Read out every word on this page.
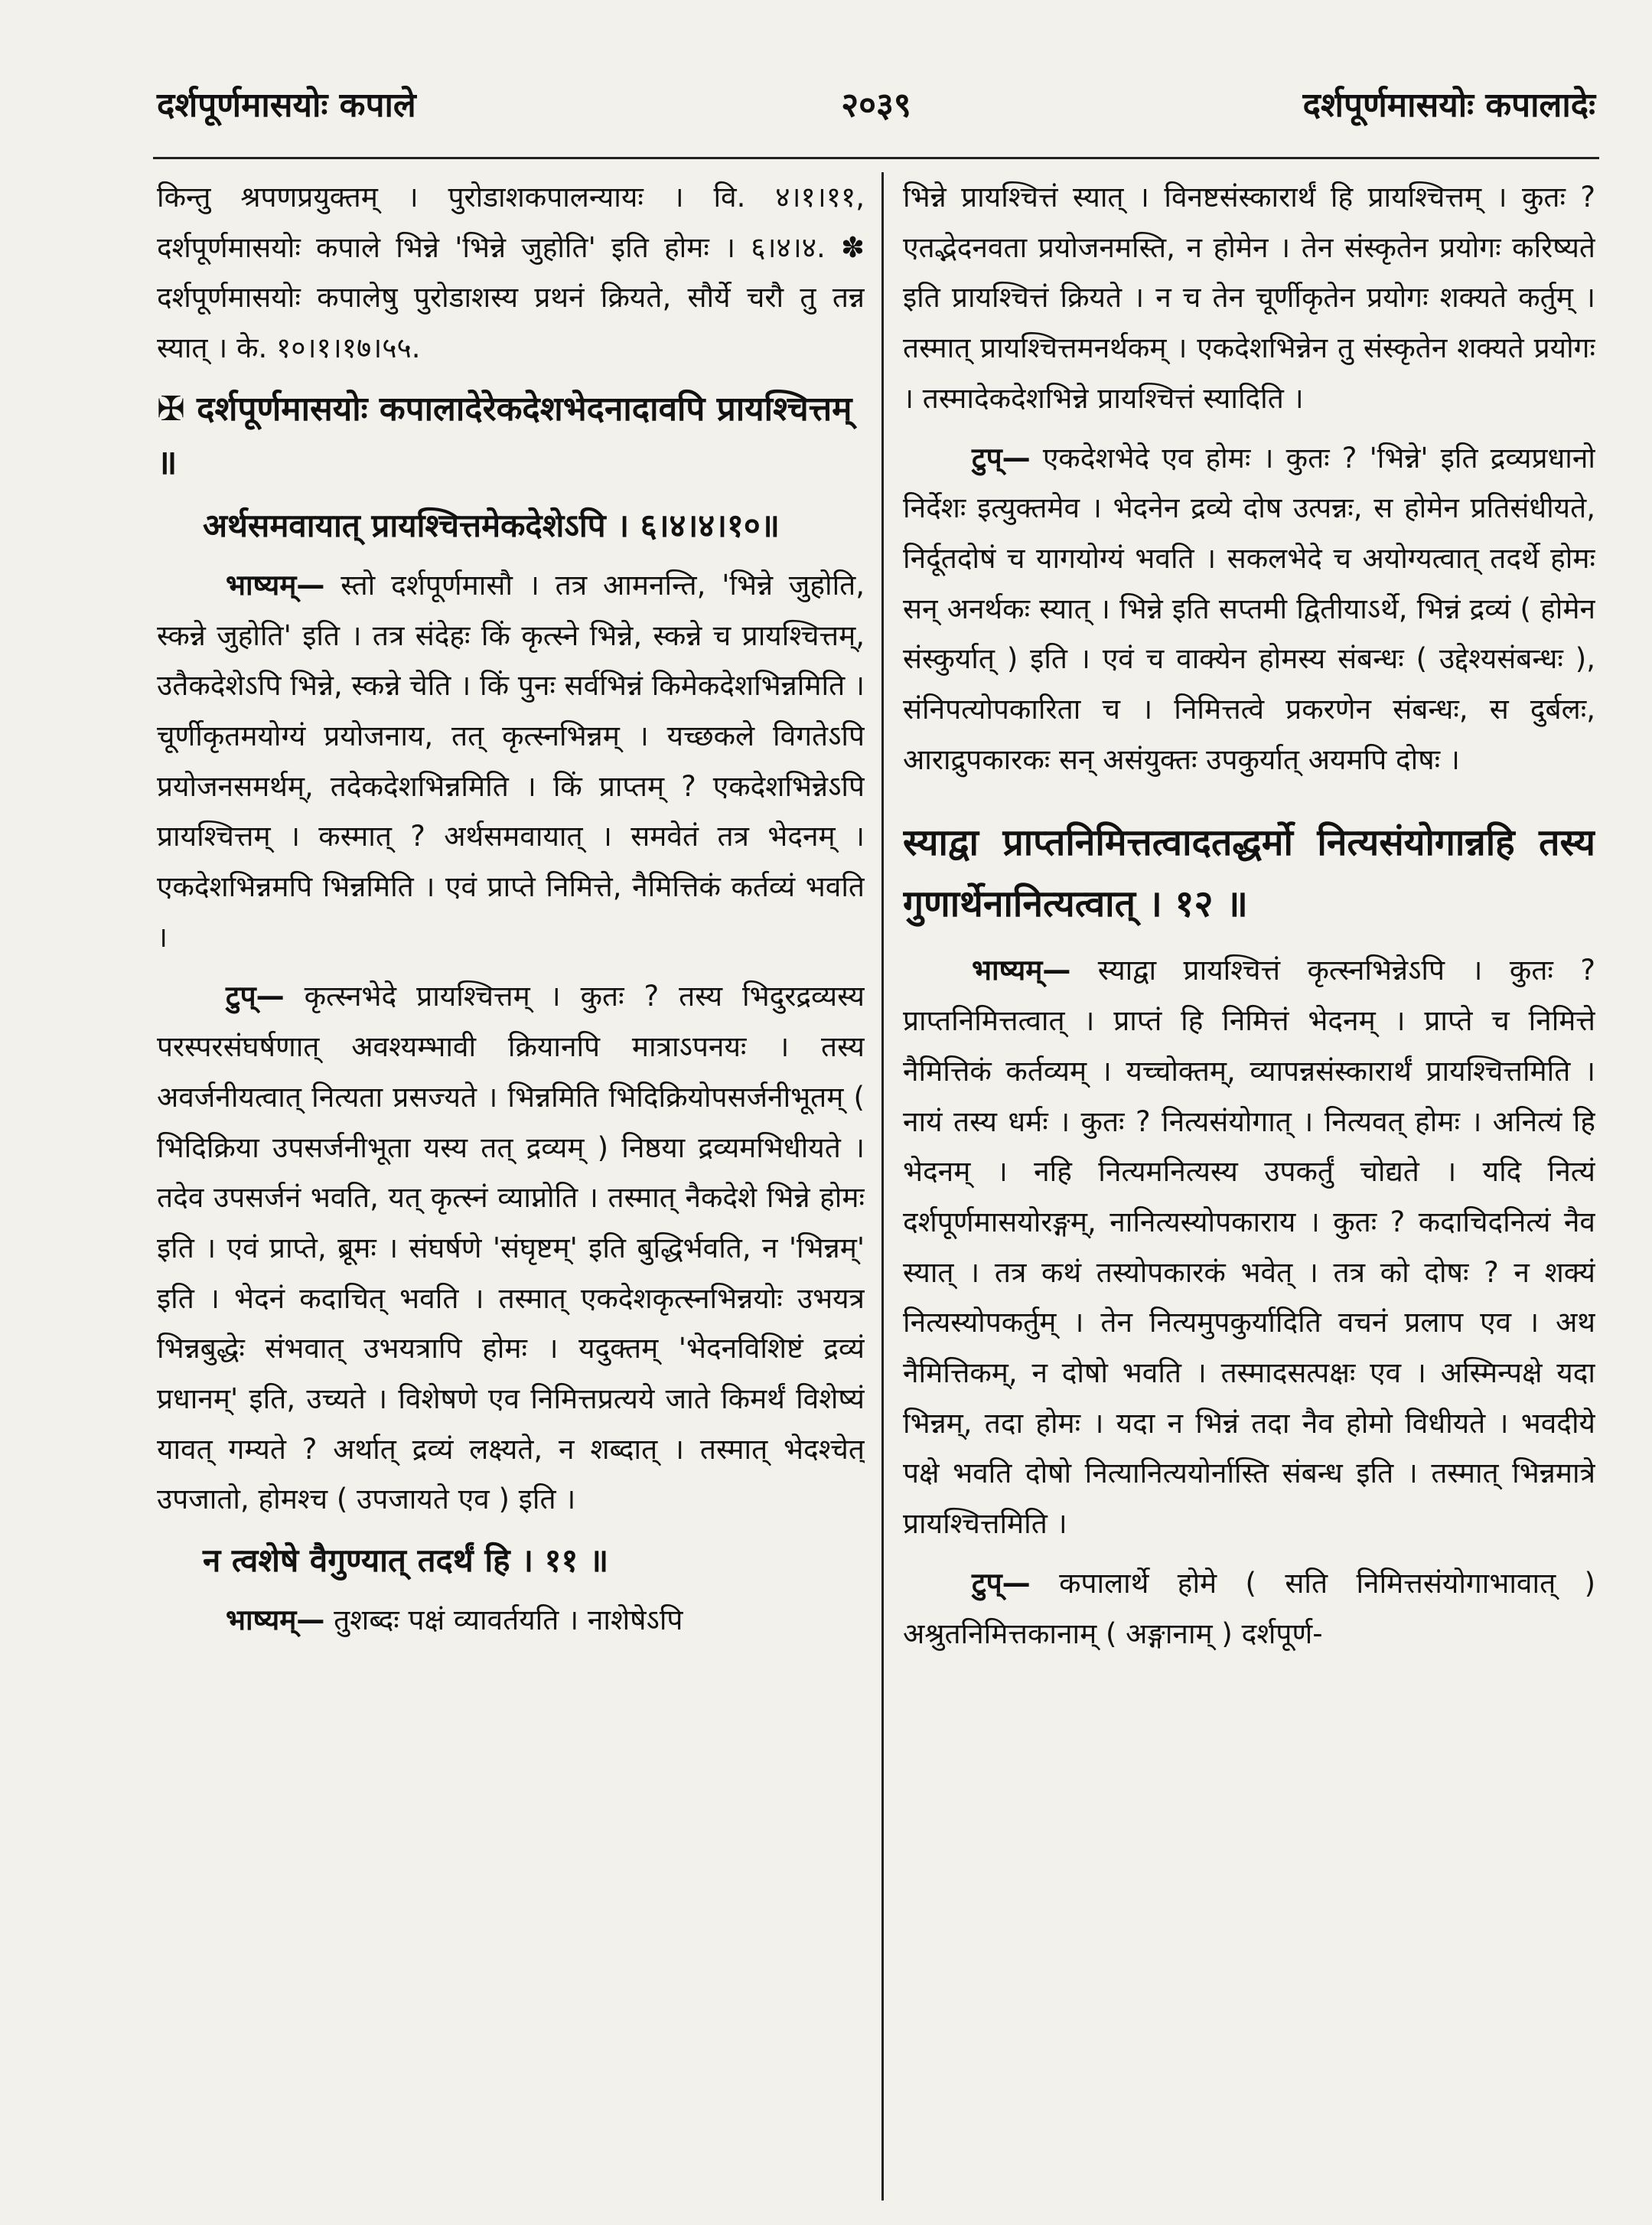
२०३९
दर्शपूर्णमासयोः कपाले	दर्शपूर्णमासयोः कपालादेः

किन्तु श्रपणप्रयुक्तम् । पुरोडाशकपालन्यायः । वि. ४।१।११, दर्शपूर्णमासयोः कपाले भिन्ने 'भिन्ने जुहोति' इति होमः । ६।४।४. ✽ दर्शपूर्णमासयोः कपालेषु पुरोडाशस्य प्रथनं क्रियते, सौर्ये चरौ तु तन्न स्यात् । के. १०।१।१७।५५.

✠ दर्शपूर्णमासयोः कपालादेरेकदेशभेदनादावपि प्रायश्चित्तम् ॥
अर्थसमवायात् प्रायश्चित्तमेकदेशेऽपि । ६।४।४।१०॥

भाष्यम्— स्तो दर्शपूर्णमासौ । तत्र आमनन्ति, 'भिन्ने जुहोति, स्कन्ने जुहोति' इति । तत्र संदेहः किं कृत्स्ने भिन्ने, स्कन्ने च प्रायश्चित्तम्, उतैकदेशेऽपि भिन्ने, स्कन्ने चेति । किं पुनः सर्वभिन्नं किमेकदेशभिन्नमिति । चूर्णीकृतमयोग्यं प्रयोजनाय, तत् कृत्स्नभिन्नम् । यच्छकले विगतेऽपि प्रयोजनसमर्थम्, तदेकदेशभिन्नमिति । किं प्राप्तम् ? एकदेशभिन्नेऽपि प्रायश्चित्तम् । कस्मात् ? अर्थसमवायात् । समवेतं तत्र भेदनम् । एकदेशभिन्नमपि भिन्नमिति । एवं प्राप्ते निमित्ते, नैमित्तिकं कर्तव्यं भवति ।

टुप्— कृत्स्नभेदे प्रायश्चित्तम् । कुतः ? तस्य भिदुरद्रव्यस्य परस्परसंघर्षणात् अवश्यम्भावी क्रियानपि मात्राऽपनयः । तस्य अवर्जनीयत्वात् नित्यता प्रसज्यते । भिन्नमिति भिदिक्रियोपसर्जनीभूतम् ( भिदिक्रिया उपसर्जनीभूता यस्य तत् द्रव्यम् ) निष्ठया द्रव्यमभिधीयते । तदेव उपसर्जनं भवति, यत् कृत्स्नं व्याप्नोति । तस्मात् नैकदेशे भिन्ने होमः इति । एवं प्राप्ते, ब्रूमः । संघर्षणे 'संघृष्टम्' इति बुद्धिर्भवति, न 'भिन्नम्' इति । भेदनं कदाचित् भवति । तस्मात् एकदेशकृत्स्नभिन्नयोः उभयत्र भिन्नबुद्धेः संभवात् उभयत्रापि होमः । यदुक्तम् 'भेदनविशिष्टं द्रव्यं प्रधानम्' इति, उच्यते । विशेषणे एव निमित्तप्रत्यये जाते किमर्थं विशेष्यं यावत् गम्यते ? अर्थात् द्रव्यं लक्ष्यते, न शब्दात् । तस्मात् भेदश्चेत् उपजातो, होमश्च ( उपजायते एव ) इति ।

न त्वशेषे वैगुण्यात् तदर्थं हि । ११ ॥

भाष्यम्— तुशब्दः पक्षं व्यावर्तयति । नाशेषेऽपि

भिन्ने प्रायश्चित्तं स्यात् । विनष्टसंस्कारार्थं हि प्रायश्चित्तम् । कुतः ? एतद्भेदनवता प्रयोजनमस्ति, न होमेन । तेन संस्कृतेन प्रयोगः करिष्यते इति प्रायश्चित्तं क्रियते । न च तेन चूर्णीकृतेन प्रयोगः शक्यते कर्तुम् । तस्मात् प्रायश्चित्तमनर्थकम् । एकदेशभिन्नेन तु संस्कृतेन शक्यते प्रयोगः । तस्मादेकदेशभिन्ने प्रायश्चित्तं स्यादिति ।

टुप्— एकदेशभेदे एव होमः । कुतः ? 'भिन्ने' इति द्रव्यप्रधानो निर्देशः इत्युक्तमेव । भेदनेन द्रव्ये दोष उत्पन्नः, स होमेन प्रतिसंधीयते, निर्दूतदोषं च यागयोग्यं भवति । सकलभेदे च अयोग्यत्वात् तदर्थे होमः सन् अनर्थकः स्यात् । भिन्ने इति सप्तमी द्वितीयाऽर्थे, भिन्नं द्रव्यं ( होमेन संस्कुर्यात् ) इति । एवं च वाक्येन होमस्य संबन्धः ( उद्देश्यसंबन्धः ), संनिपत्योपकारिता च । निमित्तत्वे प्रकरणेन संबन्धः, स दुर्बलः, आराद्रुपकारकः सन् असंयुक्तः उपकुर्यात् अयमपि दोषः ।

स्याद्वा प्राप्तनिमित्तत्वादतद्धर्मो नित्यसंयोगान्नहि तस्य गुणार्थेनानित्यत्वात् । १२ ॥

भाष्यम्— स्याद्वा प्रायश्चित्तं कृत्स्नभिन्नेऽपि । कुतः ? प्राप्तनिमित्तत्वात् । प्राप्तं हि निमित्तं भेदनम् । प्राप्ते च निमित्ते नैमित्तिकं कर्तव्यम् । यच्चोक्तम्, व्यापन्नसंस्कारार्थं प्रायश्चित्तमिति । नायं तस्य धर्मः । कुतः ? नित्यसंयोगात् । नित्यवत् होमः । अनित्यं हि भेदनम् । नहि नित्यमनित्यस्य उपकर्तुं चोद्यते । यदि नित्यं दर्शपूर्णमासयोरङ्गम्, नानित्यस्योपकाराय । कुतः ? कदाचिदनित्यं नैव स्यात् । तत्र कथं तस्योपकारकं भवेत् । तत्र को दोषः ? न शक्यं नित्यस्योपकर्तुम् । तेन नित्यमुपकुर्यादिति वचनं प्रलाप एव । अथ नैमित्तिकम्, न दोषो भवति । तस्मादसत्पक्षः एव । अस्मिन्पक्षे यदा भिन्नम्, तदा होमः । यदा न भिन्नं तदा नैव होमो विधीयते । भवदीये पक्षे भवति दोषो नित्यानित्ययोर्नास्ति संबन्ध इति । तस्मात् भिन्नमात्रे प्रायश्चित्तमिति ।

टुप्— कपालार्थे होमे ( सति निमित्तसंयोगाभावात् ) अश्रुतनिमित्तकानाम् ( अङ्गानाम् ) दर्शपूर्ण-
